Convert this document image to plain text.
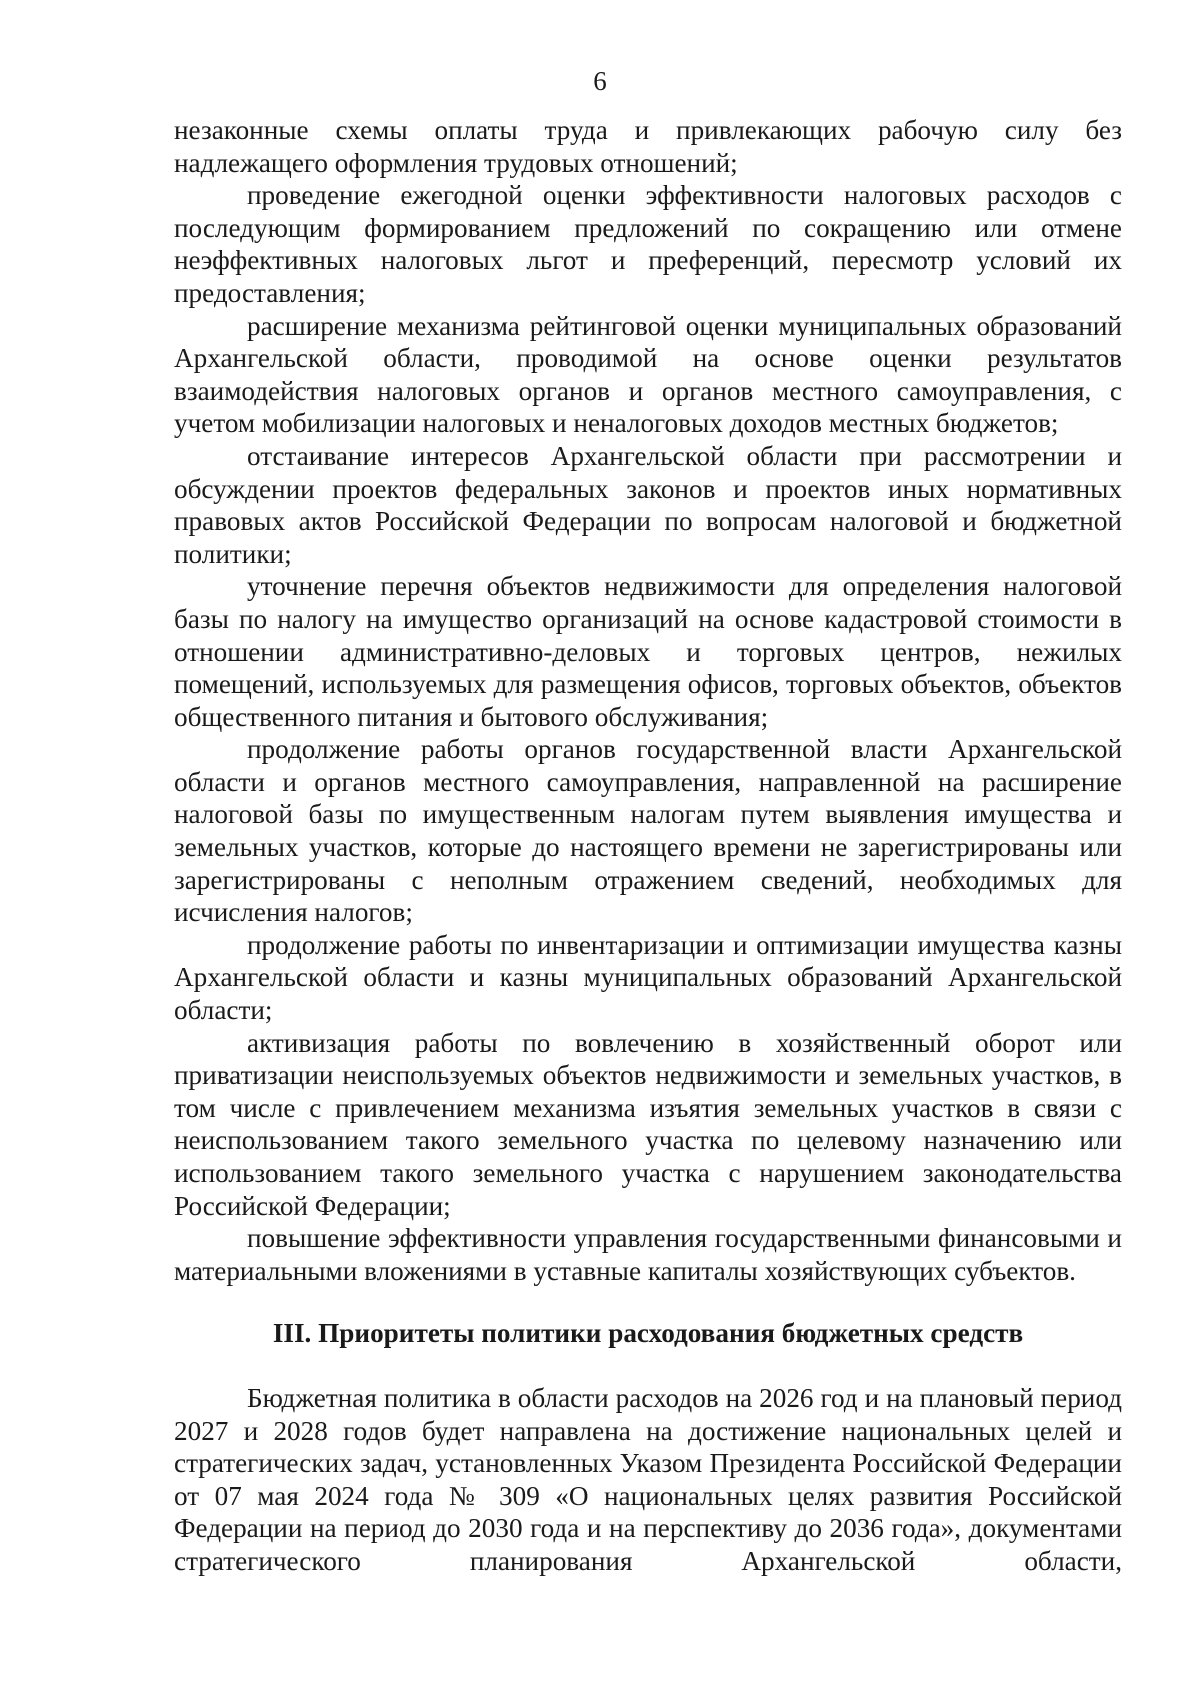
6

незаконные схемы оплаты труда и привлекающих рабочую силу без надлежащего оформления трудовых отношений;

проведение ежегодной оценки эффективности налоговых расходов с последующим формированием предложений по сокращению или отмене неэффективных налоговых льгот и преференций, пересмотр условий их предоставления;

расширение механизма рейтинговой оценки муниципальных образований Архангельской области, проводимой на основе оценки результатов взаимодействия налоговых органов и органов местного самоуправления, с учетом мобилизации налоговых и неналоговых доходов местных бюджетов;

отстаивание интересов Архангельской области при рассмотрении и обсуждении проектов федеральных законов и проектов иных нормативных правовых актов Российской Федерации по вопросам налоговой и бюджетной политики;

уточнение перечня объектов недвижимости для определения налоговой базы по налогу на имущество организаций на основе кадастровой стоимости в отношении административно-деловых и торговых центров, нежилых помещений, используемых для размещения офисов, торговых объектов, объектов общественного питания и бытового обслуживания;

продолжение работы органов государственной власти Архангельской области и органов местного самоуправления, направленной на расширение налоговой базы по имущественным налогам путем выявления имущества и земельных участков, которые до настоящего времени не зарегистрированы или зарегистрированы с неполным отражением сведений, необходимых для исчисления налогов;

продолжение работы по инвентаризации и оптимизации имущества казны Архангельской области и казны муниципальных образований Архангельской области;

активизация работы по вовлечению в хозяйственный оборот или приватизации неиспользуемых объектов недвижимости и земельных участков, в том числе с привлечением механизма изъятия земельных участков в связи с неиспользованием такого земельного участка по целевому назначению или использованием такого земельного участка с нарушением законодательства Российской Федерации;

повышение эффективности управления государственными финансовыми и материальными вложениями в уставные капиталы хозяйствующих субъектов.

III. Приоритеты политики расходования бюджетных средств

Бюджетная политика в области расходов на 2026 год и на плановый период 2027 и 2028 годов будет направлена на достижение национальных целей и стратегических задач, установленных Указом Президента Российской Федерации от 07 мая 2024 года № 309 «О национальных целях развития Российской Федерации на период до 2030 года и на перспективу до 2036 года», документами стратегического планирования Архангельской области,
